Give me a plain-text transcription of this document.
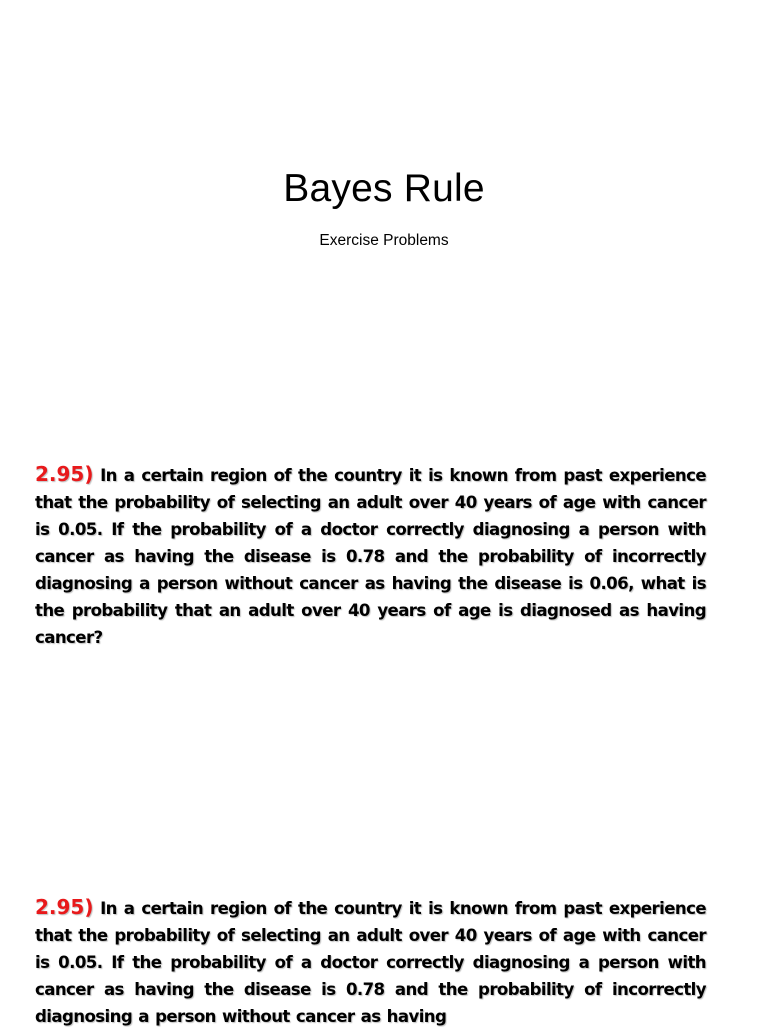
Bayes Rule
Exercise Problems

2.95) In a certain region of the country it is known from past experience that the probability of selecting an adult over 40 years of age with cancer is 0.05. If the probability of a doctor correctly diagnosing a person with cancer as having the disease is 0.78 and the probability of incorrectly diagnosing a person without cancer as having the disease is 0.06, what is the probability that an adult over 40 years of age is diagnosed as having cancer?

2.95) In a certain region of the country it is known from past experience that the probability of selecting an adult over 40 years of age with cancer is 0.05. If the probability of a doctor correctly diagnosing a person with cancer as having the disease is 0.78 and the probability of incorrectly diagnosing a person without cancer as having
